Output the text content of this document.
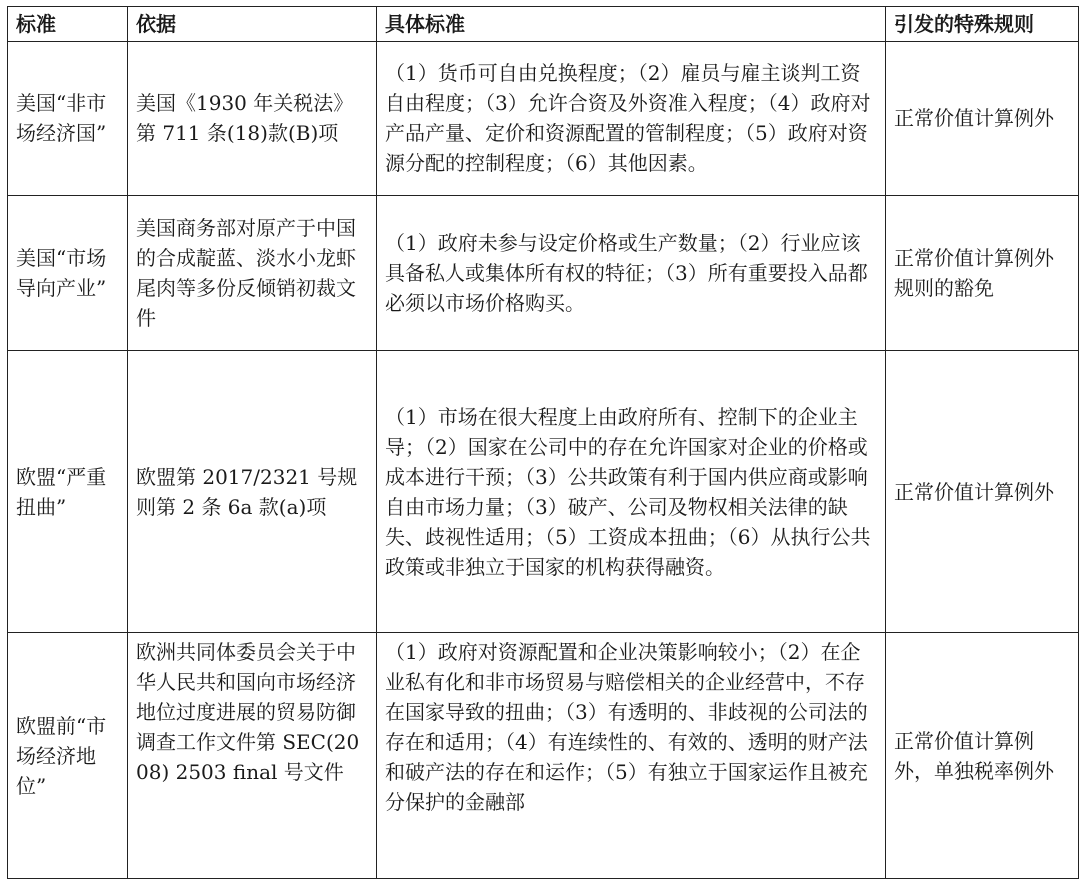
标准	依据	具体标准	引发的特殊规则
美国“非市场经济国”	美国《1930 年关税法》第 711 条(18)款(B)项	（1）货币可自由兑换程度；（2）雇员与雇主谈判工资自由程度；（3）允许合资及外资准入程度；（4）政府对产品产量、定价和资源配置的管制程度；（5）政府对资源分配的控制程度；（6）其他因素。	正常价值计算例外
美国“市场导向产业”	美国商务部对原产于中国的合成靛蓝、淡水小龙虾尾肉等多份反倾销初裁文件	（1）政府未参与设定价格或生产数量；（2）行业应该具备私人或集体所有权的特征；（3）所有重要投入品都必须以市场价格购买。	正常价值计算例外规则的豁免
欧盟“严重扭曲”	欧盟第 2017/2321 号规则第 2 条 6a 款(a)项	（1）市场在很大程度上由政府所有、控制下的企业主导；（2）国家在公司中的存在允许国家对企业的价格或成本进行干预；（3）公共政策有利于国内供应商或影响自由市场力量；（3）破产、公司及物权相关法律的缺失、歧视性适用；（5）工资成本扭曲；（6）从执行公共政策或非独立于国家的机构获得融资。	正常价值计算例外
欧盟前“市场经济地位”	欧洲共同体委员会关于中华人民共和国向市场经济地位过度进展的贸易防御调查工作文件第 SEC(2008) 2503 final 号文件	（1）政府对资源配置和企业决策影响较小；（2）在企业私有化和非市场贸易与赔偿相关的企业经营中，不存在国家导致的扭曲；（3）有透明的、非歧视的公司法的存在和适用；（4）有连续性的、有效的、透明的财产法和破产法的存在和运作；（5）有独立于国家运作且被充分保护的金融部	正常价值计算例外，单独税率例外
